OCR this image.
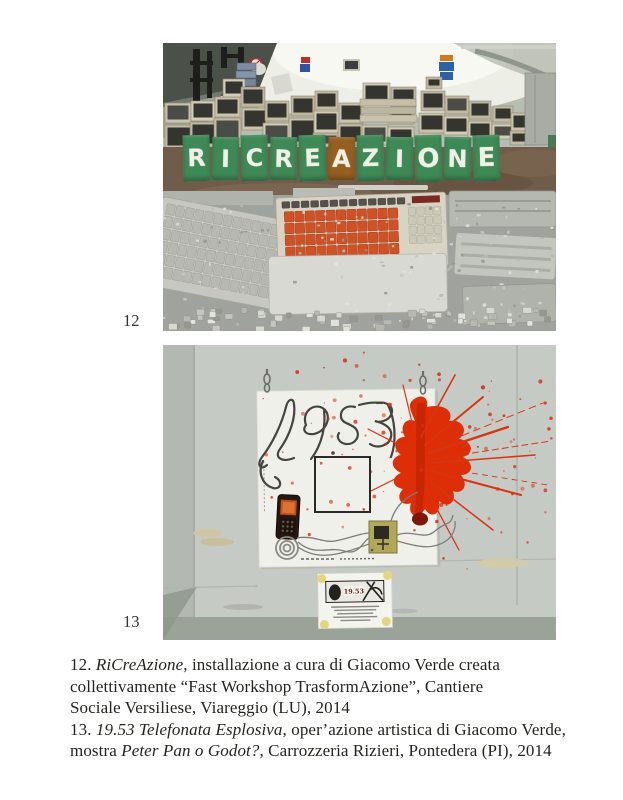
R I C R E A Z I O N E
12
19.53
13
12. RiCreAzione, installazione a cura di Giacomo Verde creata
collettivamente “Fast Workshop TrasformAzione”, Cantiere
Sociale Versiliese, Viareggio (LU), 2014
13. 19.53 Telefonata Esplosiva, oper’azione artistica di Giacomo Verde,
mostra Peter Pan o Godot?, Carrozzeria Rizieri, Pontedera (PI), 2014
